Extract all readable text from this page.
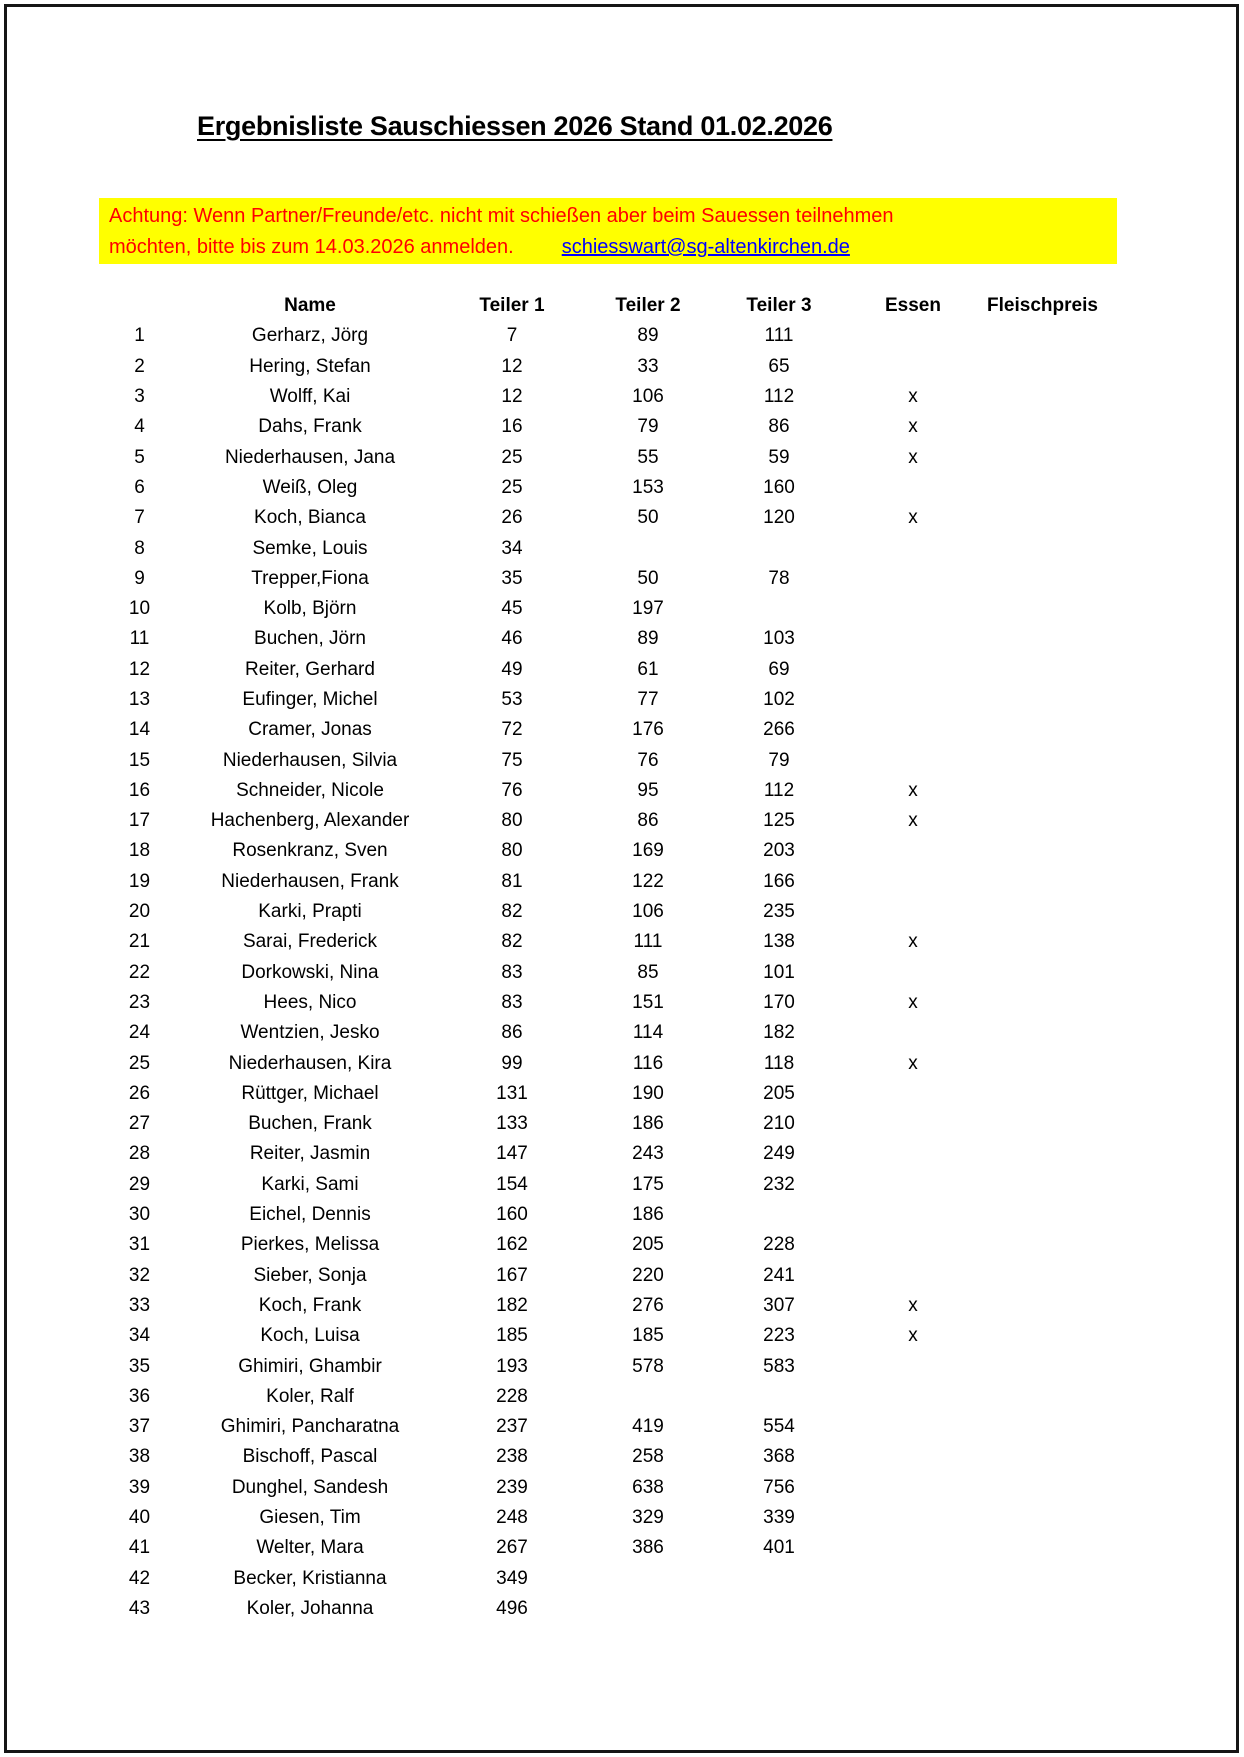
Ergebnisliste Sauschiessen 2026 Stand 01.02.2026
Achtung: Wenn Partner/Freunde/etc. nicht mit schießen aber beim Sauessen teilnehmen
möchten, bitte bis zum 14.03.2026 anmelden. schiesswart@sg-altenkirchen.de
Name	Teiler 1	Teiler 2	Teiler 3	Essen	Fleischpreis
1	Gerharz, Jörg	7	89	111
2	Hering, Stefan	12	33	65
3	Wolff, Kai	12	106	112	x
4	Dahs, Frank	16	79	86	x
5	Niederhausen, Jana	25	55	59	x
6	Weiß, Oleg	25	153	160
7	Koch, Bianca	26	50	120	x
8	Semke, Louis	34
9	Trepper,Fiona	35	50	78
10	Kolb, Björn	45	197
11	Buchen, Jörn	46	89	103
12	Reiter, Gerhard	49	61	69
13	Eufinger, Michel	53	77	102
14	Cramer, Jonas	72	176	266
15	Niederhausen, Silvia	75	76	79
16	Schneider, Nicole	76	95	112	x
17	Hachenberg, Alexander	80	86	125	x
18	Rosenkranz, Sven	80	169	203
19	Niederhausen, Frank	81	122	166
20	Karki, Prapti	82	106	235
21	Sarai, Frederick	82	111	138	x
22	Dorkowski, Nina	83	85	101
23	Hees, Nico	83	151	170	x
24	Wentzien, Jesko	86	114	182
25	Niederhausen, Kira	99	116	118	x
26	Rüttger, Michael	131	190	205
27	Buchen, Frank	133	186	210
28	Reiter, Jasmin	147	243	249
29	Karki, Sami	154	175	232
30	Eichel, Dennis	160	186
31	Pierkes, Melissa	162	205	228
32	Sieber, Sonja	167	220	241
33	Koch, Frank	182	276	307	x
34	Koch, Luisa	185	185	223	x
35	Ghimiri, Ghambir	193	578	583
36	Koler, Ralf	228
37	Ghimiri, Pancharatna	237	419	554
38	Bischoff, Pascal	238	258	368
39	Dunghel, Sandesh	239	638	756
40	Giesen, Tim	248	329	339
41	Welter, Mara	267	386	401
42	Becker, Kristianna	349
43	Koler, Johanna	496
